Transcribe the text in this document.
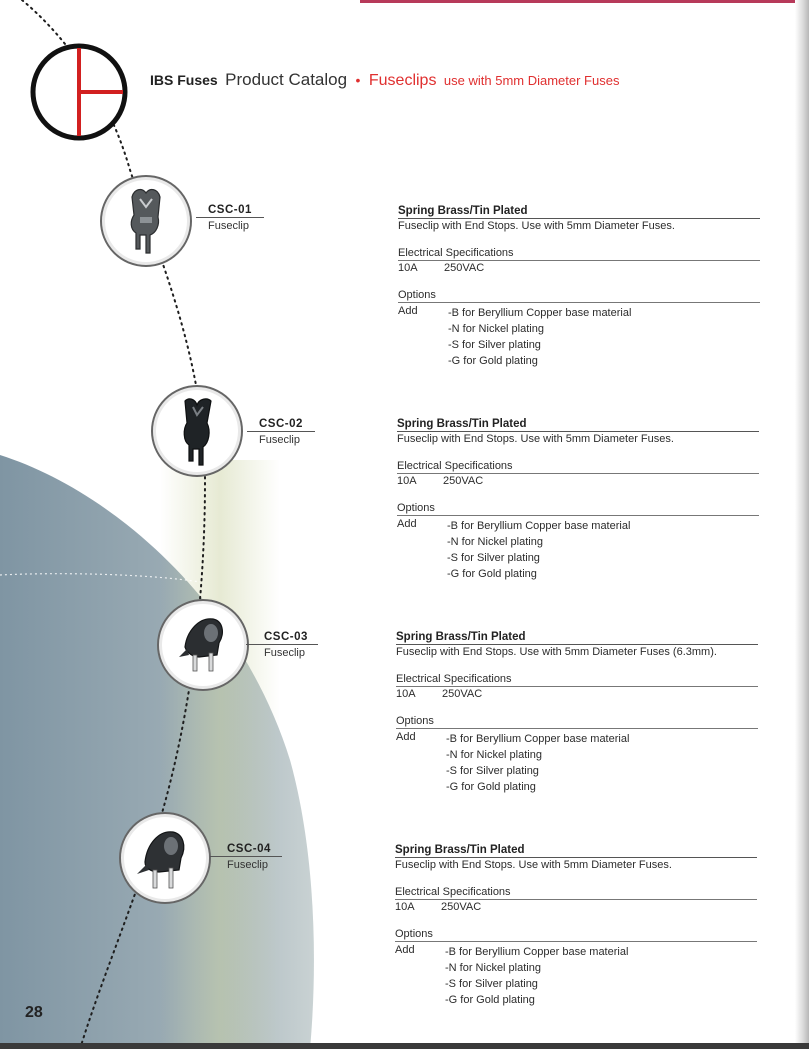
IBS Fuses Product Catalog • Fuseclips use with 5mm Diameter Fuses
CSC-01
Fuseclip
Spring Brass/Tin Plated
Fuseclip with End Stops. Use with 5mm Diameter Fuses.
Electrical Specifications
10A 250VAC
Options
Add	-B for Beryllium Copper base material
-N for Nickel plating
-S for Silver plating
-G for Gold plating
CSC-02
Fuseclip
Spring Brass/Tin Plated
Fuseclip with End Stops. Use with 5mm Diameter Fuses.
Electrical Specifications
10A 250VAC
Options
Add	-B for Beryllium Copper base material
-N for Nickel plating
-S for Silver plating
-G for Gold plating
CSC-03
Fuseclip
Spring Brass/Tin Plated
Fuseclip with End Stops. Use with 5mm Diameter Fuses (6.3mm).
Electrical Specifications
10A 250VAC
Options
Add	-B for Beryllium Copper base material
-N for Nickel plating
-S for Silver plating
-G for Gold plating
CSC-04
Fuseclip
Spring Brass/Tin Plated
Fuseclip with End Stops. Use with 5mm Diameter Fuses.
Electrical Specifications
10A 250VAC
Options
Add	-B for Beryllium Copper base material
-N for Nickel plating
-S for Silver plating
-G for Gold plating
28
